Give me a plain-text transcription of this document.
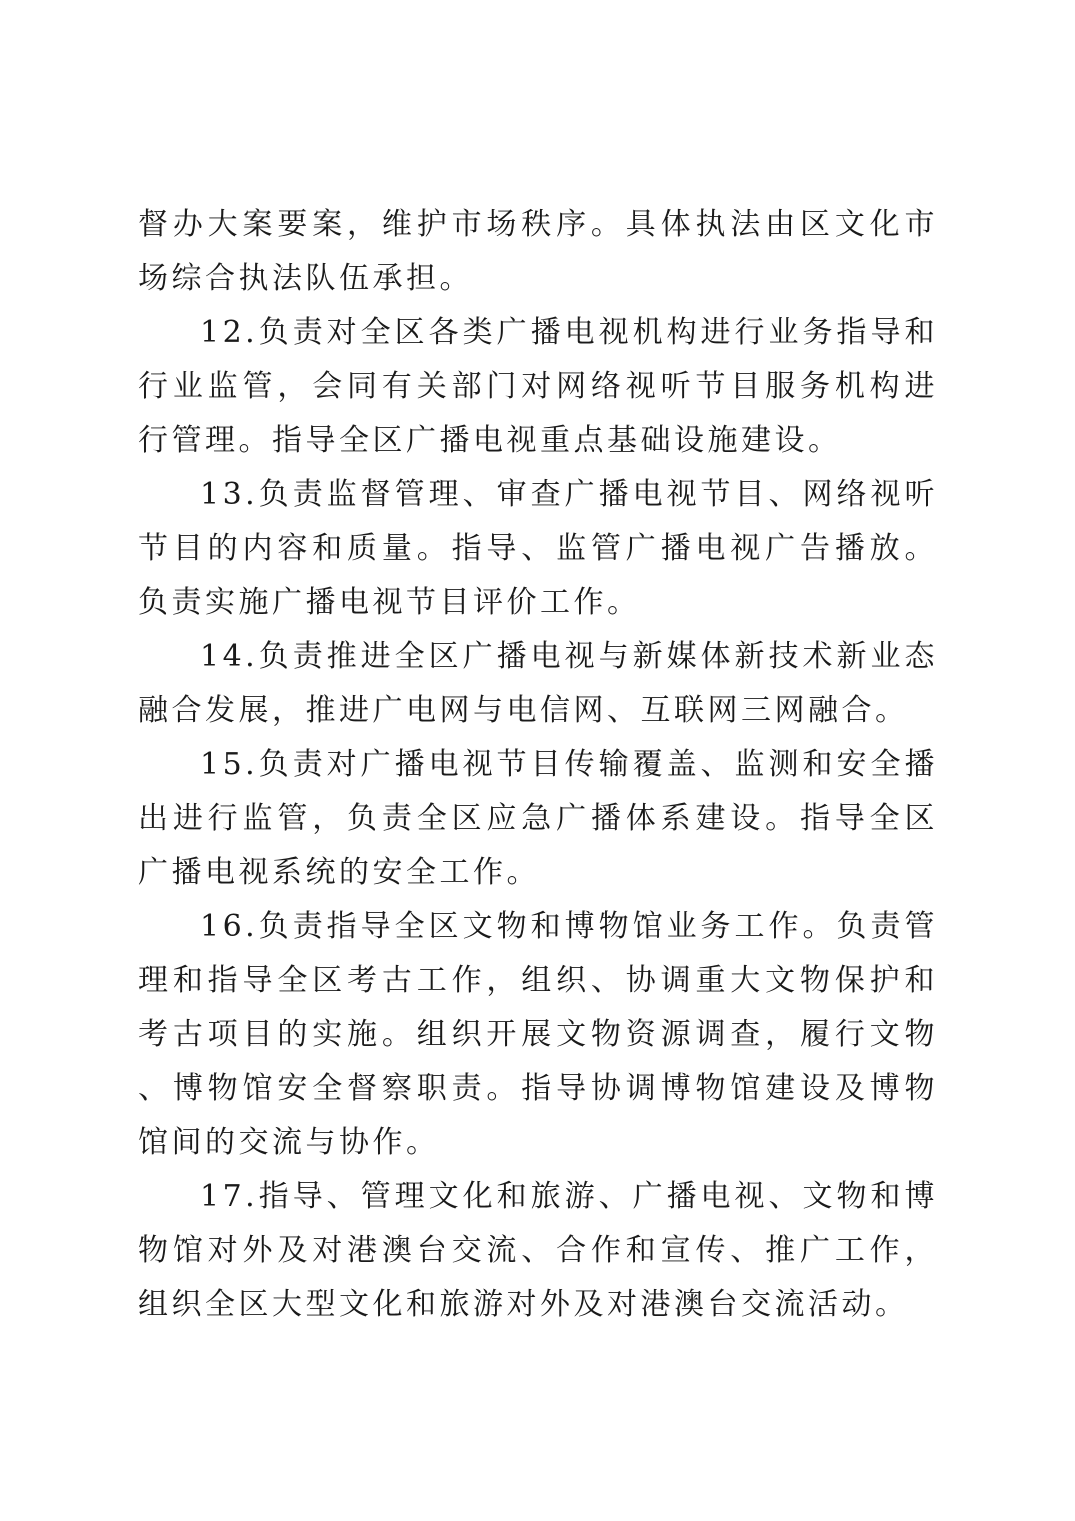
督办大案要案，维护市场秩序。具体执法由区文化市场综合执法队伍承担。

12.负责对全区各类广播电视机构进行业务指导和行业监管，会同有关部门对网络视听节目服务机构进行管理。指导全区广播电视重点基础设施建设。

13.负责监督管理、审查广播电视节目、网络视听节目的内容和质量。指导、监管广播电视广告播放。负责实施广播电视节目评价工作。

14.负责推进全区广播电视与新媒体新技术新业态融合发展，推进广电网与电信网、互联网三网融合。

15.负责对广播电视节目传输覆盖、监测和安全播出进行监管，负责全区应急广播体系建设。指导全区广播电视系统的安全工作。

16.负责指导全区文物和博物馆业务工作。负责管理和指导全区考古工作，组织、协调重大文物保护和考古项目的实施。组织开展文物资源调查，履行文物、博物馆安全督察职责。指导协调博物馆建设及博物馆间的交流与协作。

17.指导、管理文化和旅游、广播电视、文物和博物馆对外及对港澳台交流、合作和宣传、推广工作，组织全区大型文化和旅游对外及对港澳台交流活动。
